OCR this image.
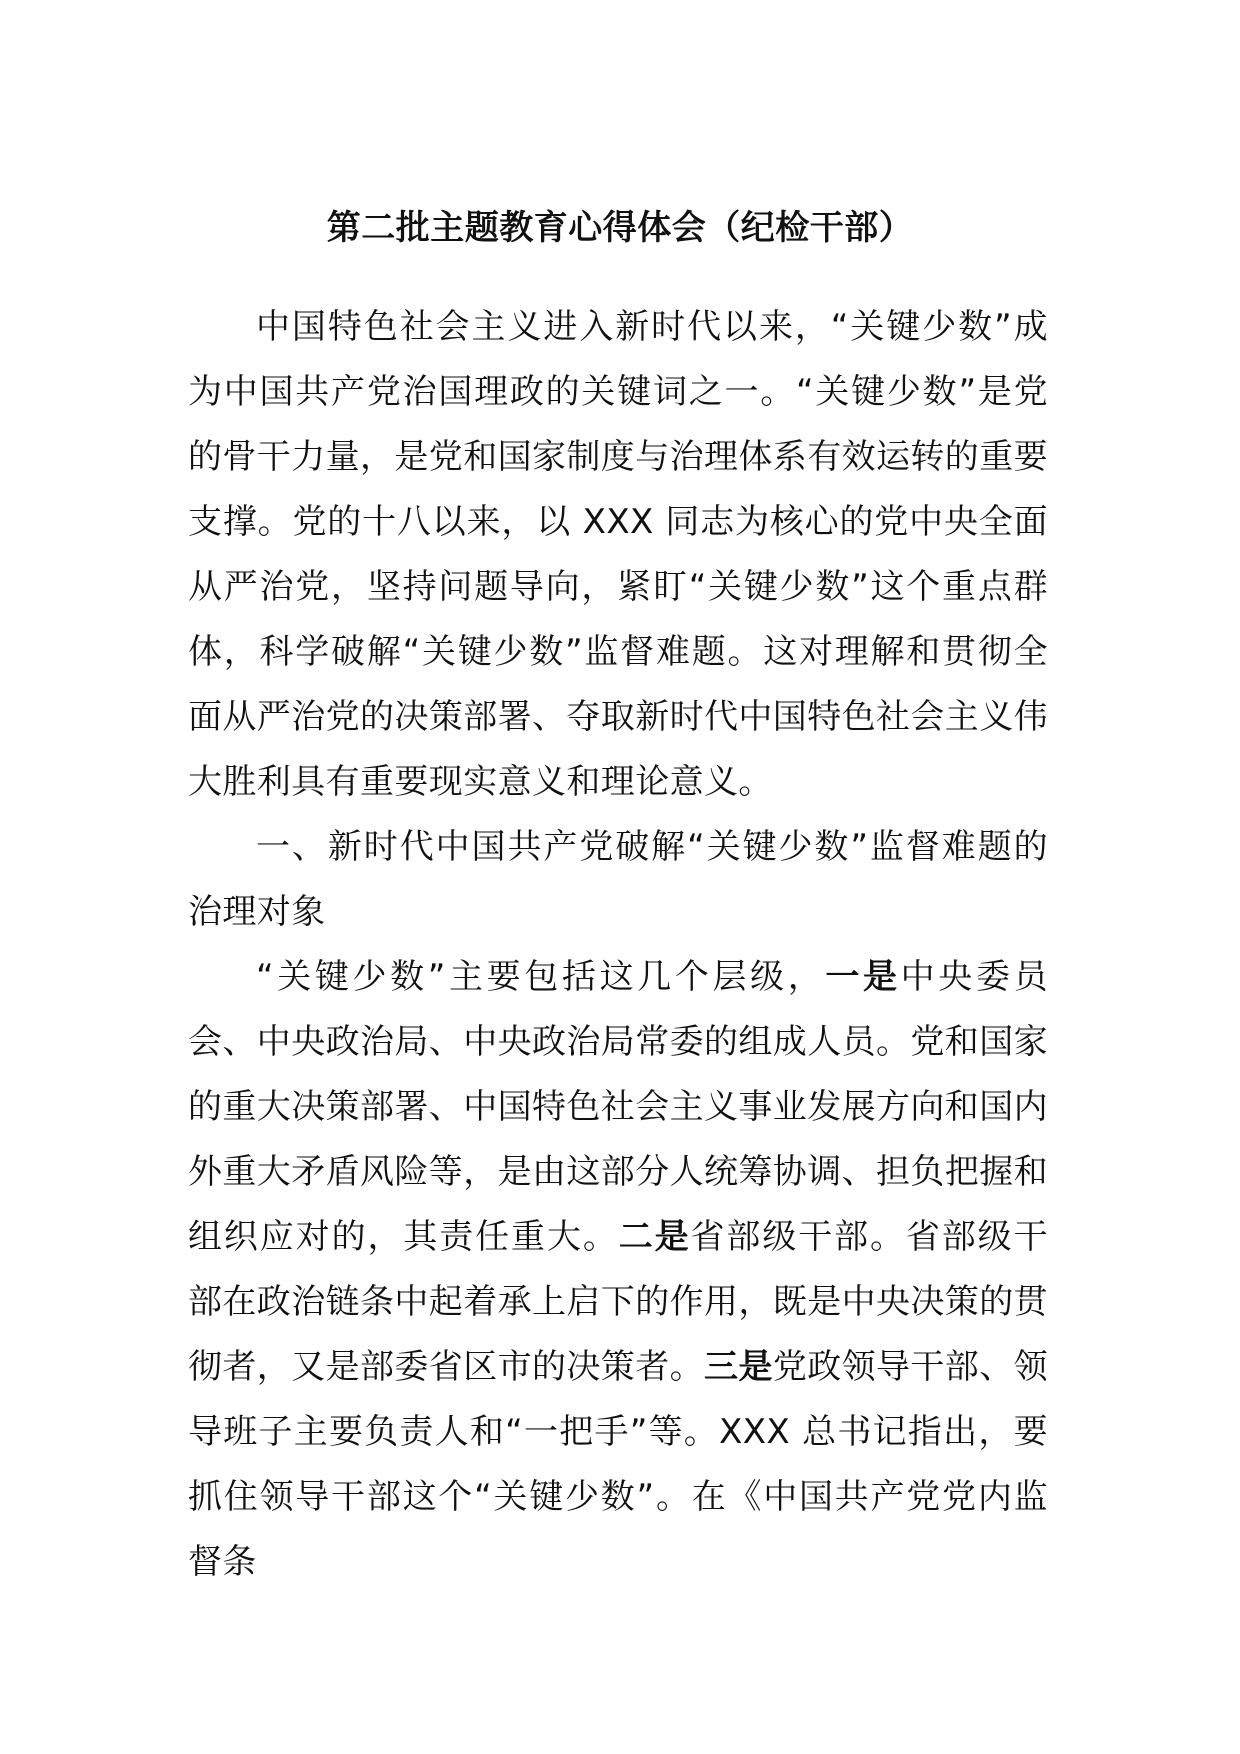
第二批主题教育心得体会（纪检干部）

中国特色社会主义进入新时代以来，“关键少数”成为中国共产党治国理政的关键词之一。“关键少数”是党的骨干力量，是党和国家制度与治理体系有效运转的重要支撑。党的十八以来，以 XXX 同志为核心的党中央全面从严治党，坚持问题导向，紧盯“关键少数”这个重点群体，科学破解“关键少数”监督难题。这对理解和贯彻全面从严治党的决策部署、夺取新时代中国特色社会主义伟大胜利具有重要现实意义和理论意义。

一、新时代中国共产党破解“关键少数”监督难题的治理对象

“关键少数”主要包括这几个层级，一是中央委员会、中央政治局、中央政治局常委的组成人员。党和国家的重大决策部署、中国特色社会主义事业发展方向和国内外重大矛盾风险等，是由这部分人统筹协调、担负把握和组织应对的，其责任重大。二是省部级干部。省部级干部在政治链条中起着承上启下的作用，既是中央决策的贯彻者，又是部委省区市的决策者。三是党政领导干部、领导班子主要负责人和“一把手”等。XXX 总书记指出，要抓住领导干部这个“关键少数”。在《中国共产党党内监督条
